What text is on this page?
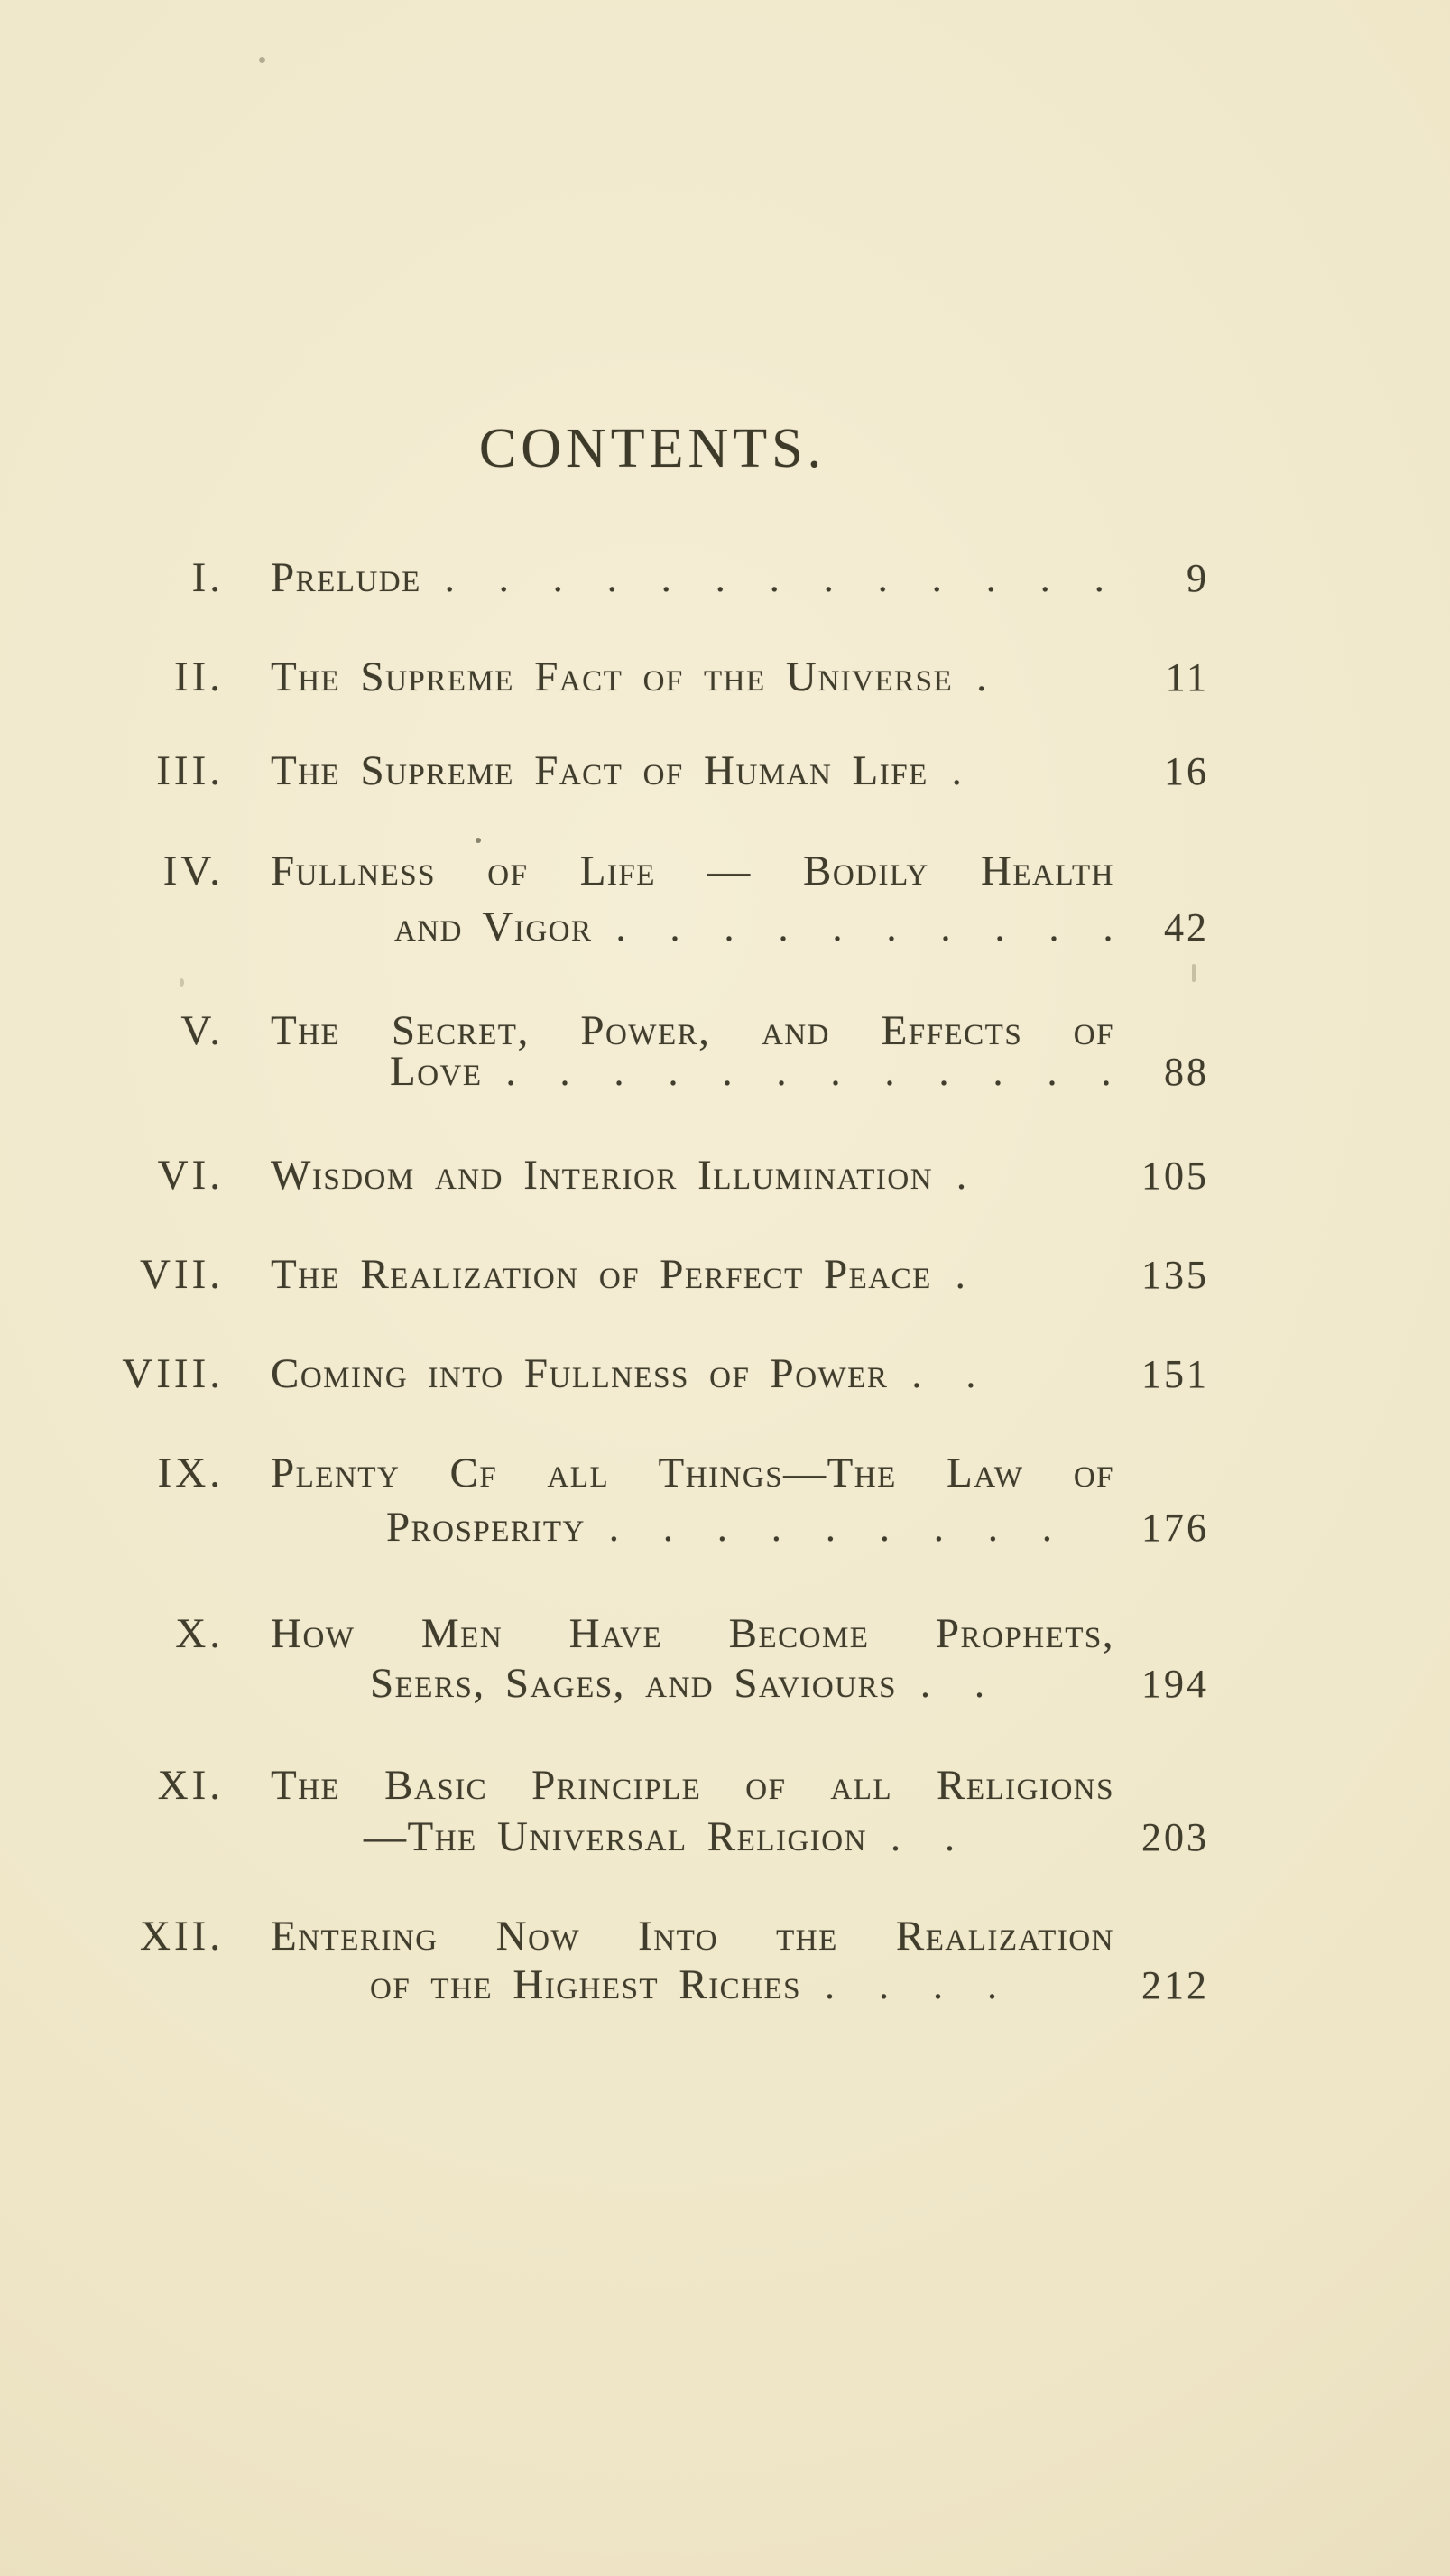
CONTENTS.
I. Prelude . . . . . . . . . . . . . 9
II. The Supreme Fact of the Universe .	11
III. The Supreme Fact of Human Life .	16
IV. Fullness of Life — Bodily Health
and Vigor . . . . . . . . . . 42
V. The Secret, Power, and Effects of
Love . . . . . . . . . . . . 88
VI. Wisdom and Interior Illumination .	105
VII. The Realization of Perfect Peace .	135
VIII. Coming into Fullness of Power . .	151
IX. Plenty Cf all Things—The Law of
Prosperity . . . . . . . . . 176
X. How Men Have Become Prophets,
Seers, Sages, and Saviours . .	194
XI. The Basic Principle of all Religions
—The Universal Religion . .	203
XII. Entering Now Into the Realization
of the Highest Riches . . . .	212
